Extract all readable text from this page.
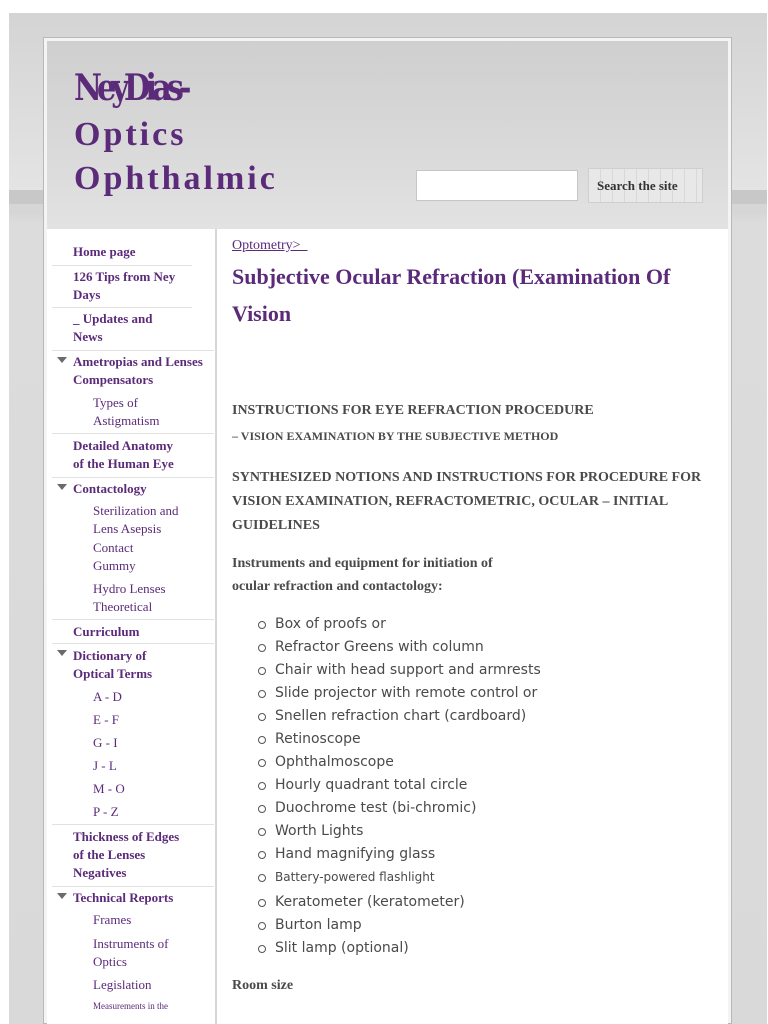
NeyDias-
Optics
Ophthalmic	Search the site
Home page
126 Tips from Ney Days
_ Updates and News
Ametropias and Lenses Compensators
Types of Astigmatism
Detailed Anatomy of the Human Eye
Contactology
Sterilization and Lens Asepsis
Contact Gummy
Hydro Lenses Theoretical
Curriculum
Dictionary of Optical Terms
A - D
E - F
G - I
J - L
M - O
P - Z
Thickness of Edges of the Lenses Negatives
Technical Reports
Frames
Instruments of Optics
Legislation
Measurements in the
Optometry>
Subjective Ocular Refraction (Examination Of Vision
INSTRUCTIONS FOR EYE REFRACTION PROCEDURE
– VISION EXAMINATION BY THE SUBJECTIVE METHOD
SYNTHESIZED NOTIONS AND INSTRUCTIONS FOR PROCEDURE FOR VISION EXAMINATION, REFRACTOMETRIC, OCULAR – INITIAL GUIDELINES
Instruments and equipment for initiation of ocular refraction and contactology:
Box of proofs or
Refractor Greens with column
Chair with head support and armrests
Slide projector with remote control or
Snellen refraction chart (cardboard)
Retinoscope
Ophthalmoscope
Hourly quadrant total circle
Duochrome test (bi-chromic)
Worth Lights
Hand magnifying glass
Battery-powered flashlight
Keratometer (keratometer)
Burton lamp
Slit lamp (optional)
Room size
